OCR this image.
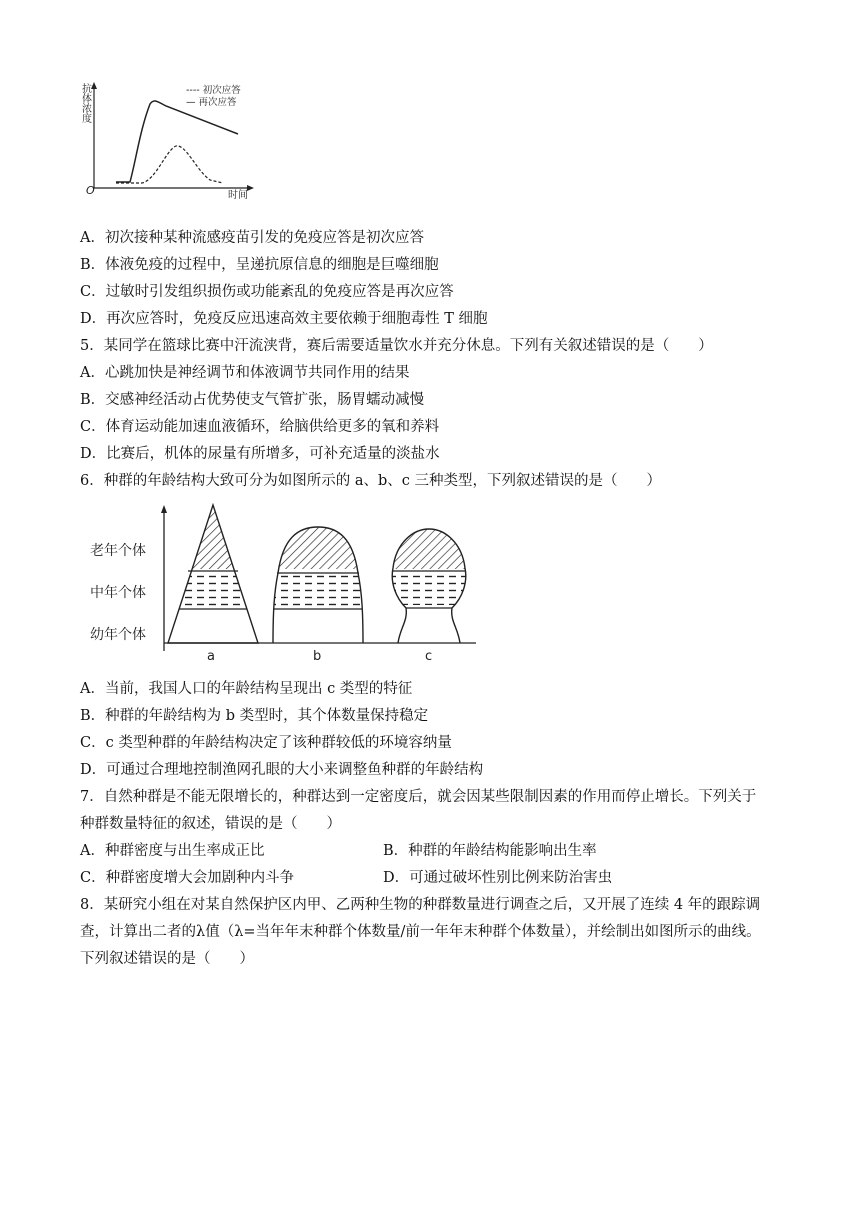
抗体浓度
O	时间
---- 初次应答
— 再次应答
A．初次接种某种流感疫苗引发的免疫应答是初次应答
B．体液免疫的过程中，呈递抗原信息的细胞是巨噬细胞
C．过敏时引发组织损伤或功能紊乱的免疫应答是再次应答
D．再次应答时，免疫反应迅速高效主要依赖于细胞毒性 T 细胞
5．某同学在篮球比赛中汗流浃背，赛后需要适量饮水并充分休息。下列有关叙述错误的是（　　）
A．心跳加快是神经调节和体液调节共同作用的结果
B．交感神经活动占优势使支气管扩张，肠胃蠕动减慢
C．体育运动能加速血液循环，给脑供给更多的氧和养料
D．比赛后，机体的尿量有所增多，可补充适量的淡盐水
6．种群的年龄结构大致可分为如图所示的 a、b、c 三种类型，下列叙述错误的是（　　）
老年个体
中年个体
幼年个体
a	b	c
A．当前，我国人口的年龄结构呈现出 c 类型的特征
B．种群的年龄结构为 b 类型时，其个体数量保持稳定
C．c 类型种群的年龄结构决定了该种群较低的环境容纳量
D．可通过合理地控制渔网孔眼的大小来调整鱼种群的年龄结构
7．自然种群是不能无限增长的，种群达到一定密度后，就会因某些限制因素的作用而停止增长。下列关于
种群数量特征的叙述，错误的是（　　）
A．种群密度与出生率成正比	B．种群的年龄结构能影响出生率
C．种群密度增大会加剧种内斗争	D．可通过破坏性别比例来防治害虫
8．某研究小组在对某自然保护区内甲、乙两种生物的种群数量进行调查之后，又开展了连续 4 年的跟踪调
查，计算出二者的λ值（λ=当年年末种群个体数量/前一年年末种群个体数量），并绘制出如图所示的曲线。
下列叙述错误的是（　　）
